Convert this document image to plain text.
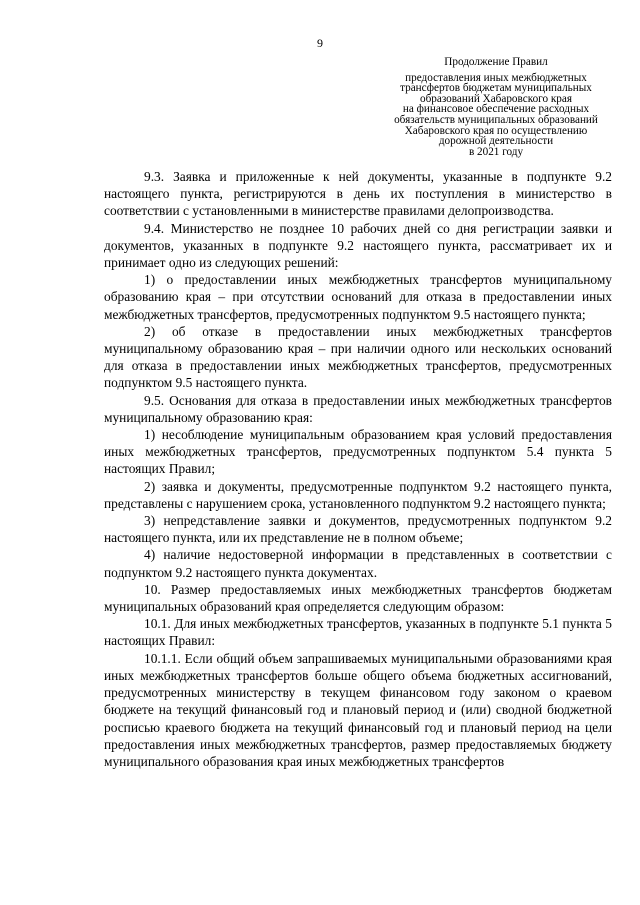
9
Продолжение Правил
предоставления иных межбюджетных
трансфертов бюджетам муниципальных
образований Хабаровского края
на финансовое обеспечение расходных
обязательств муниципальных образований
Хабаровского края по осуществлению
дорожной деятельности
в 2021 году

9.3. Заявка и приложенные к ней документы, указанные в подпункте 9.2 настоящего пункта, регистрируются в день их поступления в министерство в соответствии с установленными в министерстве правилами делопроизводства.

9.4. Министерство не позднее 10 рабочих дней со дня регистрации заявки и документов, указанных в подпункте 9.2 настоящего пункта, рассматривает их и принимает одно из следующих решений:

1) о предоставлении иных межбюджетных трансфертов муниципальному образованию края – при отсутствии оснований для отказа в предоставлении иных межбюджетных трансфертов, предусмотренных подпунктом 9.5 настоящего пункта;

2) об отказе в предоставлении иных межбюджетных трансфертов муниципальному образованию края – при наличии одного или нескольких оснований для отказа в предоставлении иных межбюджетных трансфертов, предусмотренных подпунктом 9.5 настоящего пункта.

9.5. Основания для отказа в предоставлении иных межбюджетных трансфертов муниципальному образованию края:

1) несоблюдение муниципальным образованием края условий предоставления иных межбюджетных трансфертов, предусмотренных подпунктом 5.4 пункта 5 настоящих Правил;

2) заявка и документы, предусмотренные подпунктом 9.2 настоящего пункта, представлены с нарушением срока, установленного подпунктом 9.2 настоящего пункта;

3) непредставление заявки и документов, предусмотренных подпунктом 9.2 настоящего пункта, или их представление не в полном объеме;

4) наличие недостоверной информации в представленных в соответствии с подпунктом 9.2 настоящего пункта документах.

10. Размер предоставляемых иных межбюджетных трансфертов бюджетам муниципальных образований края определяется следующим образом:

10.1. Для иных межбюджетных трансфертов, указанных в подпункте 5.1 пункта 5 настоящих Правил:

10.1.1. Если общий объем запрашиваемых муниципальными образованиями края иных межбюджетных трансфертов больше общего объема бюджетных ассигнований, предусмотренных министерству в текущем финансовом году законом о краевом бюджете на текущий финансовый год и плановый период и (или) сводной бюджетной росписью краевого бюджета на текущий финансовый год и плановый период на цели предоставления иных межбюджетных трансфертов, размер предоставляемых бюджету муниципального образования края иных межбюджетных трансфертов
